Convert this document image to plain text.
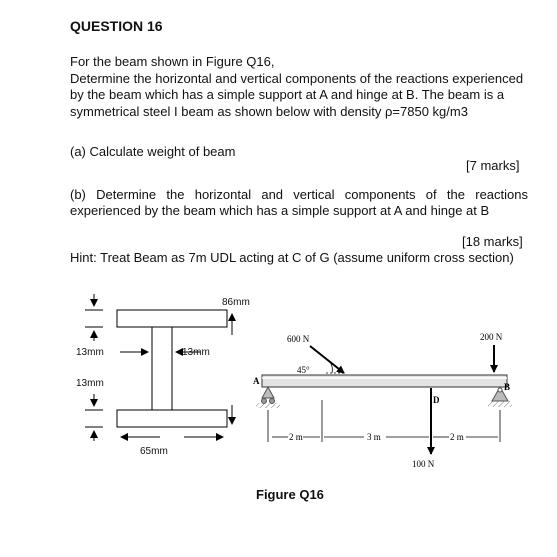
QUESTION 16
For the beam shown in Figure Q16,
Determine the horizontal and vertical components of the reactions experienced
by the beam which has a simple support at A and hinge at B. The beam is a
symmetrical steel I beam as shown below with density ρ=7850 kg/m3
(a) Calculate weight of beam
[7 marks]
(b) Determine the horizontal and vertical components of the reactions experienced by the beam which has a simple support at A and hinge at B
[18 marks]
Hint: Treat Beam as 7m UDL acting at C of G (assume uniform cross section)
600 N
45°
200 N
100 N
A
B
D
2 m	3 m	2 m
86mm
13mm	13mm
13mm
65mm
Figure Q16
